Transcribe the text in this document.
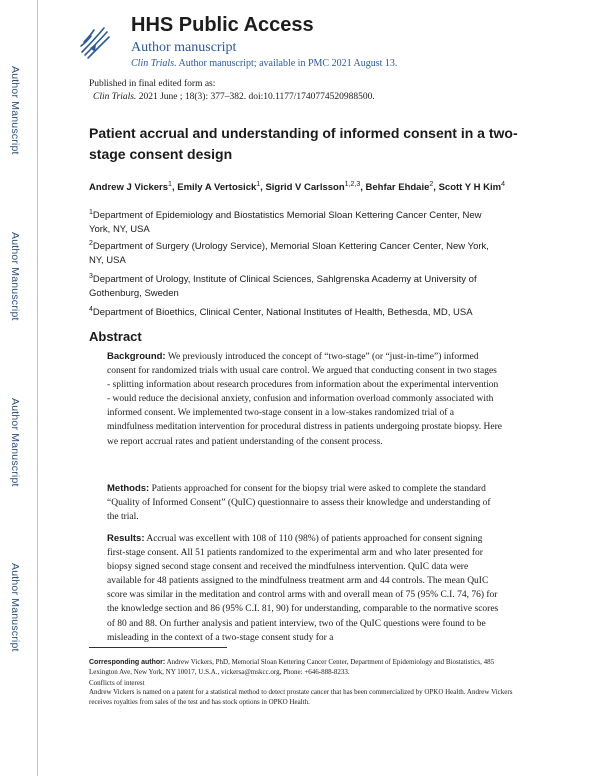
Author Manuscript
Author Manuscript
Author Manuscript
Author Manuscript
HHS Public Access
Author manuscript
Clin Trials. Author manuscript; available in PMC 2021 August 13.
Published in final edited form as:
Clin Trials. 2021 June ; 18(3): 377–382. doi:10.1177/1740774520988500.
Patient accrual and understanding of informed consent in a two-stage consent design
Andrew J Vickers$^1$, Emily A Vertosick$^1$, Sigrid V Carlsson$^{1,2,3}$, Behfar Ehdaie$^2$, Scott Y H Kim$^4$
$^1$Department of Epidemiology and Biostatistics Memorial Sloan Kettering Cancer Center, New York, NY, USA
$^2$Department of Surgery (Urology Service), Memorial Sloan Kettering Cancer Center, New York, NY, USA
$^3$Department of Urology, Institute of Clinical Sciences, Sahlgrenska Academy at University of Gothenburg, Sweden
$^4$Department of Bioethics, Clinical Center, National Institutes of Health, Bethesda, MD, USA
Abstract
Background: We previously introduced the concept of “two-stage” (or “just-in-time”) informed consent for randomized trials with usual care control. We argued that conducting consent in two stages - splitting information about research procedures from information about the experimental intervention - would reduce the decisional anxiety, confusion and information overload commonly associated with informed consent. We implemented two-stage consent in a low-stakes randomized trial of a mindfulness meditation intervention for procedural distress in patients undergoing prostate biopsy. Here we report accrual rates and patient understanding of the consent process.
Methods: Patients approached for consent for the biopsy trial were asked to complete the standard “Quality of Informed Consent” (QuIC) questionnaire to assess their knowledge and understanding of the trial.
Results: Accrual was excellent with 108 of 110 (98%) of patients approached for consent signing first-stage consent. All 51 patients randomized to the experimental arm and who later presented for biopsy signed second stage consent and received the mindfulness intervention. QuIC data were available for 48 patients assigned to the mindfulness treatment arm and 44 controls. The mean QuIC score was similar in the meditation and control arms with and overall mean of 75 (95% C.I. 74, 76) for the knowledge section and 86 (95% C.I. 81, 90) for understanding, comparable to the normative scores of 80 and 88. On further analysis and patient interview, two of the QuIC questions were found to be misleading in the context of a two-stage consent study for a
Corresponding author: Andrew Vickers, PhD, Memorial Sloan Kettering Cancer Center, Department of Epidemiology and Biostatistics, 485 Lexington Ave, New York, NY 10017, U.S.A., vickersa@mskcc.org, Phone: +646-888-8233.
Conflicts of interest
Andrew Vickers is named on a patent for a statistical method to detect prostate cancer that has been commercialized by OPKO Health. Andrew Vickers receives royalties from sales of the test and has stock options in OPKO Health.
